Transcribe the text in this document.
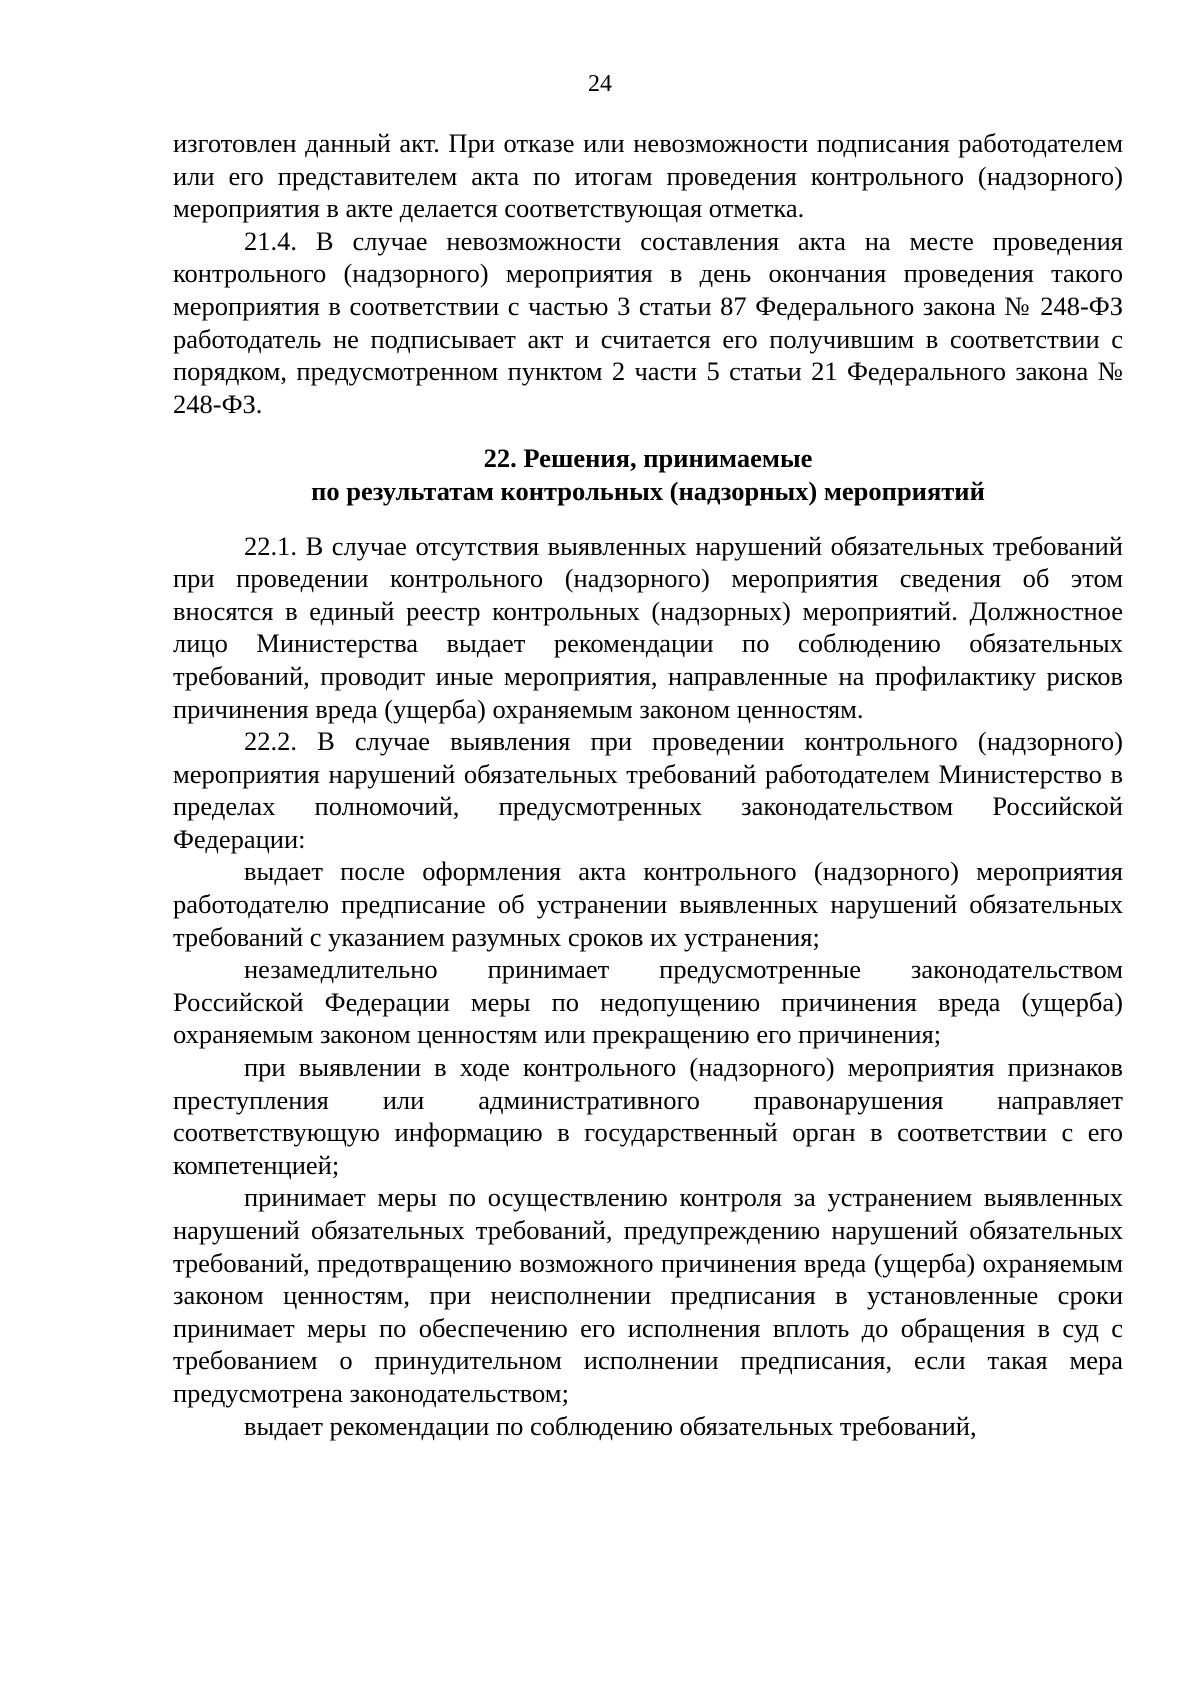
24

изготовлен данный акт. При отказе или невозможности подписания работодателем или его представителем акта по итогам проведения контрольного (надзорного) мероприятия в акте делается соответствующая отметка.

21.4. В случае невозможности составления акта на месте проведения контрольного (надзорного) мероприятия в день окончания проведения такого мероприятия в соответствии с частью 3 статьи 87 Федерального закона № 248-ФЗ работодатель не подписывает акт и считается его получившим в соответствии с порядком, предусмотренном пунктом 2 части 5 статьи 21 Федерального закона № 248-ФЗ.

22. Решения, принимаемые
по результатам контрольных (надзорных) мероприятий

22.1. В случае отсутствия выявленных нарушений обязательных требований при проведении контрольного (надзорного) мероприятия сведения об этом вносятся в единый реестр контрольных (надзорных) мероприятий. Должностное лицо Министерства выдает рекомендации по соблюдению обязательных требований, проводит иные мероприятия, направленные на профилактику рисков причинения вреда (ущерба) охраняемым законом ценностям.

22.2. В случае выявления при проведении контрольного (надзорного) мероприятия нарушений обязательных требований работодателем Министерство в пределах полномочий, предусмотренных законодательством Российской Федерации:

выдает после оформления акта контрольного (надзорного) мероприятия работодателю предписание об устранении выявленных нарушений обязательных требований с указанием разумных сроков их устранения;

незамедлительно принимает предусмотренные законодательством Российской Федерации меры по недопущению причинения вреда (ущерба) охраняемым законом ценностям или прекращению его причинения;

при выявлении в ходе контрольного (надзорного) мероприятия признаков преступления или административного правонарушения направляет соответствующую информацию в государственный орган в соответствии с его компетенцией;

принимает меры по осуществлению контроля за устранением выявленных нарушений обязательных требований, предупреждению нарушений обязательных требований, предотвращению возможного причинения вреда (ущерба) охраняемым законом ценностям, при неисполнении предписания в установленные сроки принимает меры по обеспечению его исполнения вплоть до обращения в суд с требованием о принудительном исполнении предписания, если такая мера предусмотрена законодательством;

выдает рекомендации по соблюдению обязательных требований,
